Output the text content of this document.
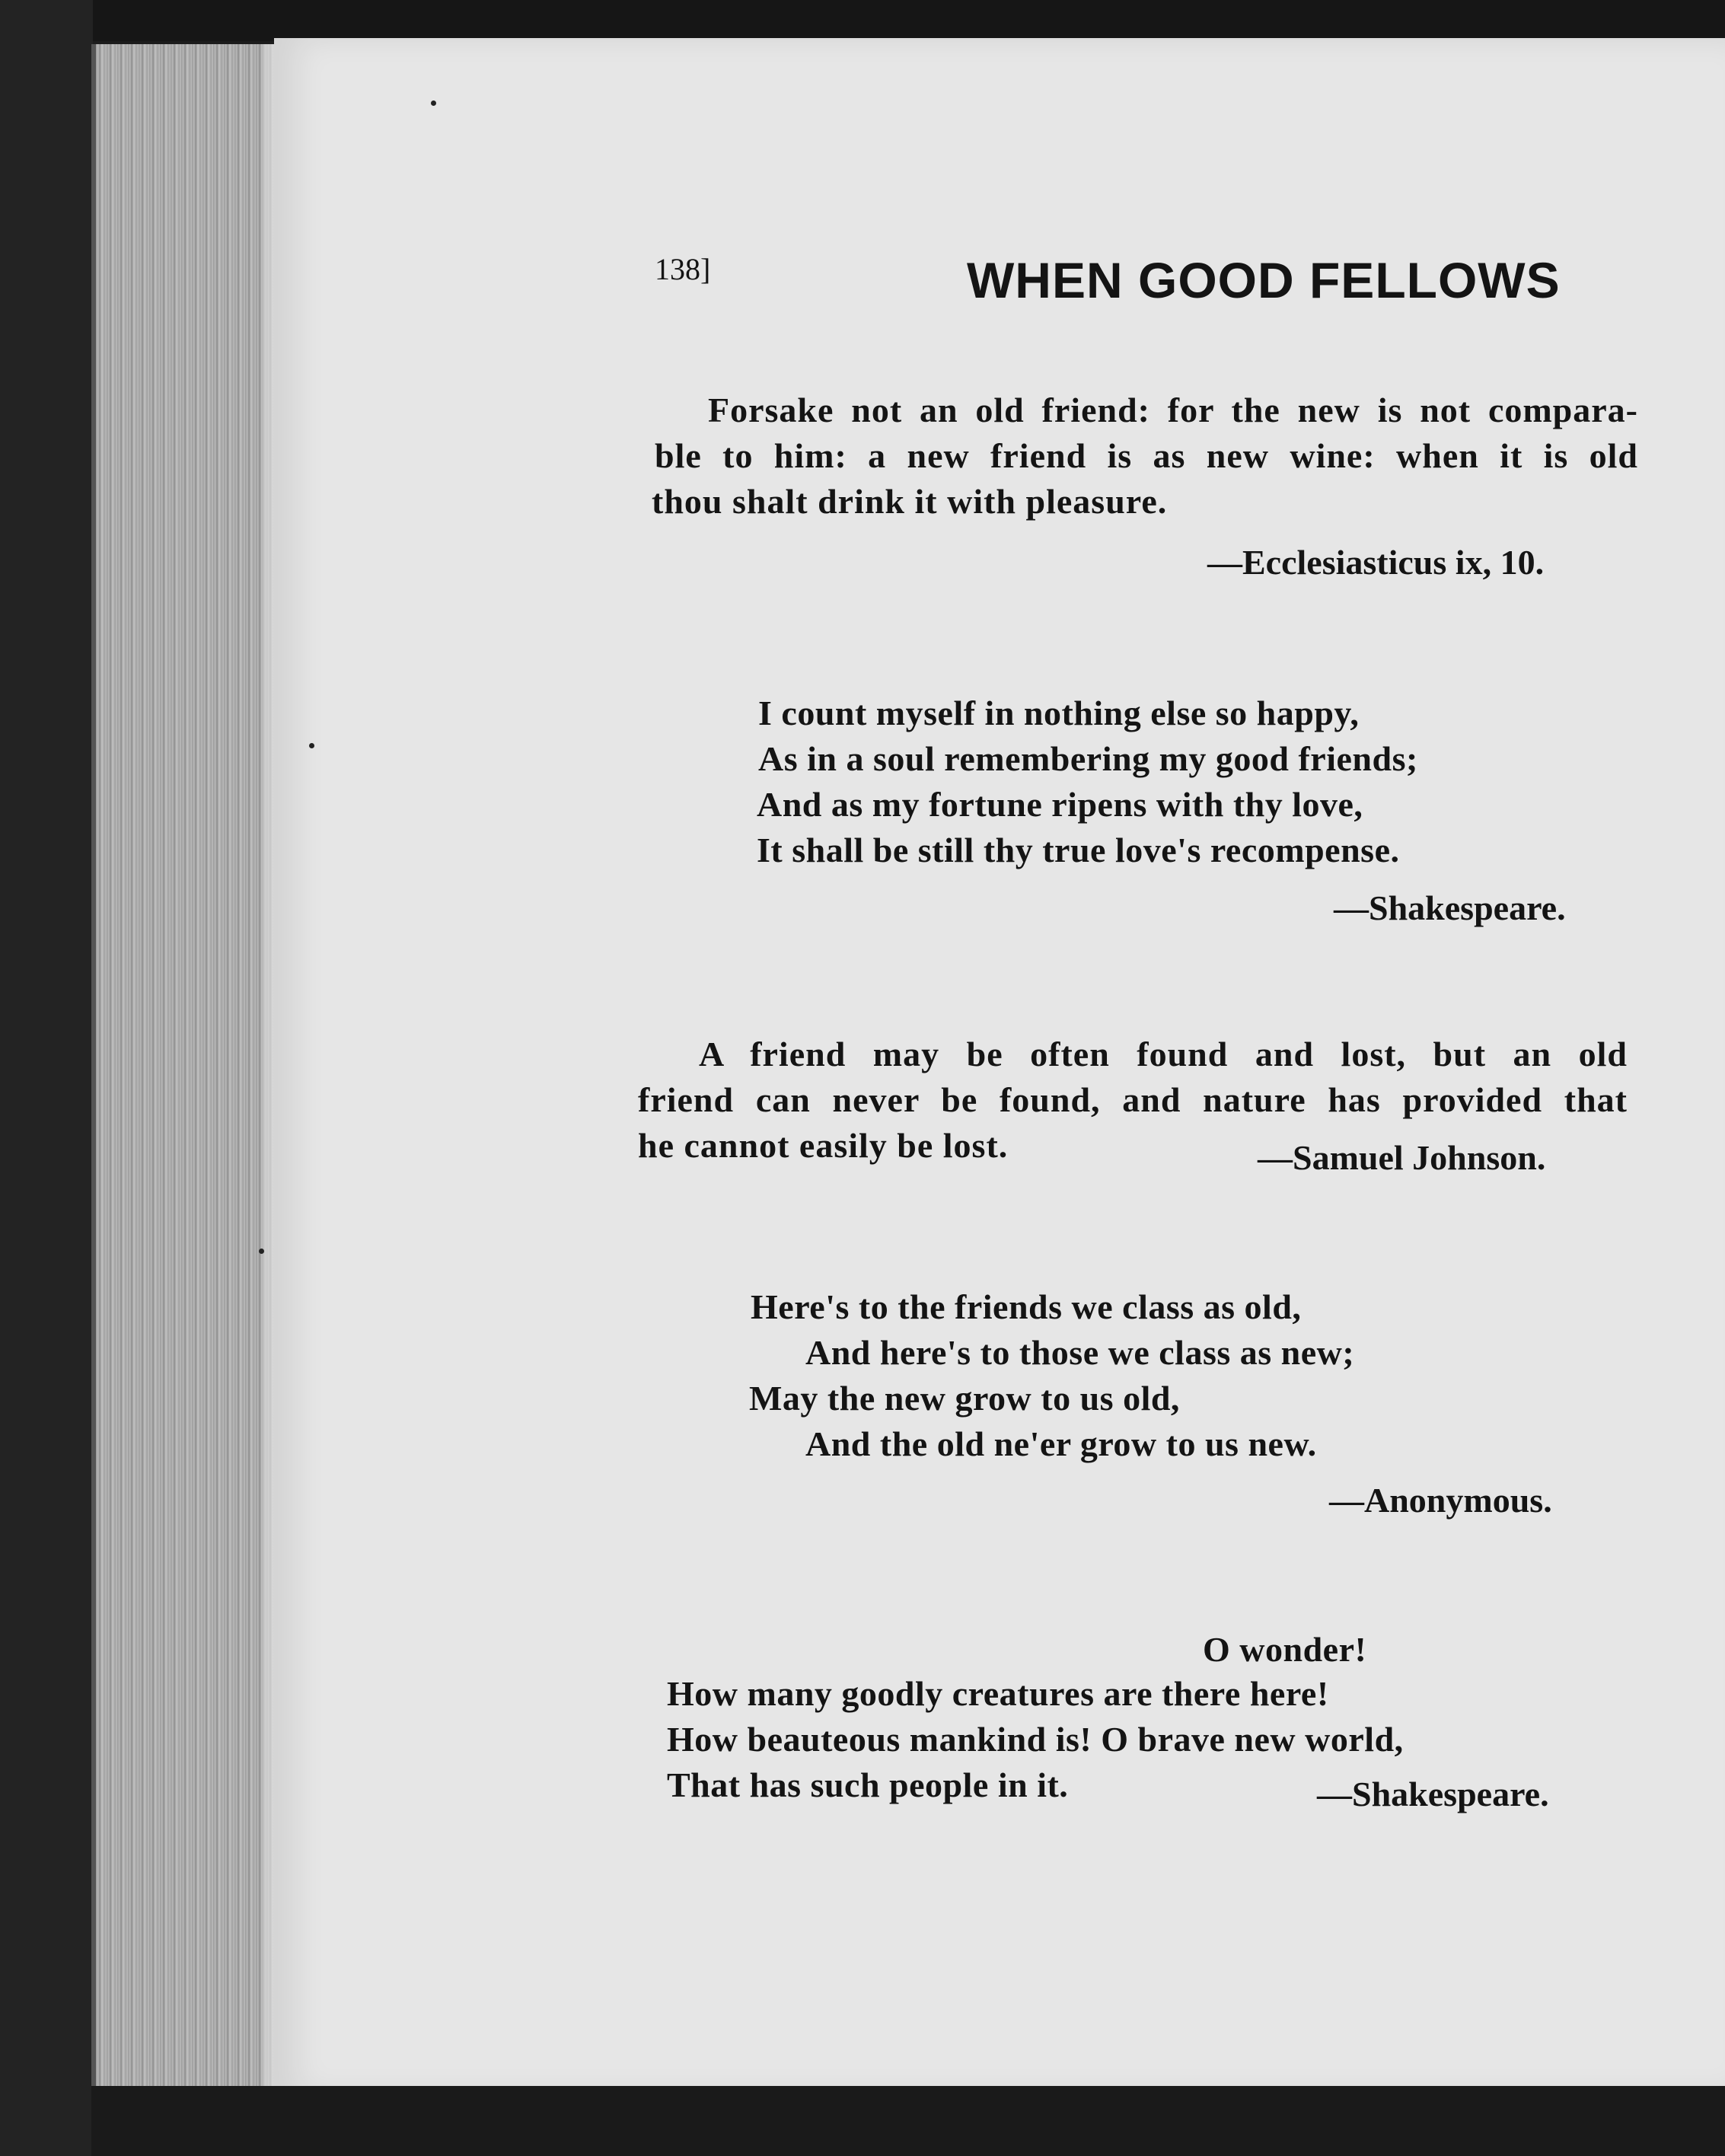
138]	WHEN GOOD FELLOWS
Forsake not an old friend: for the new is not compara-
ble to him: a new friend is as new wine: when it is old
thou shalt drink it with pleasure.
—Ecclesiasticus ix, 10.
I count myself in nothing else so happy,
As in a soul remembering my good friends;
And as my fortune ripens with thy love,
It shall be still thy true love's recompense.
—Shakespeare.
A friend may be often found and lost, but an old
friend can never be found, and nature has provided that
he cannot easily be lost.	—Samuel Johnson.
Here's to the friends we class as old,
And here's to those we class as new;
May the new grow to us old,
And the old ne'er grow to us new.
—Anonymous.
O wonder!
How many goodly creatures are there here!
How beauteous mankind is! O brave new world,
That has such people in it.	—Shakespeare.
